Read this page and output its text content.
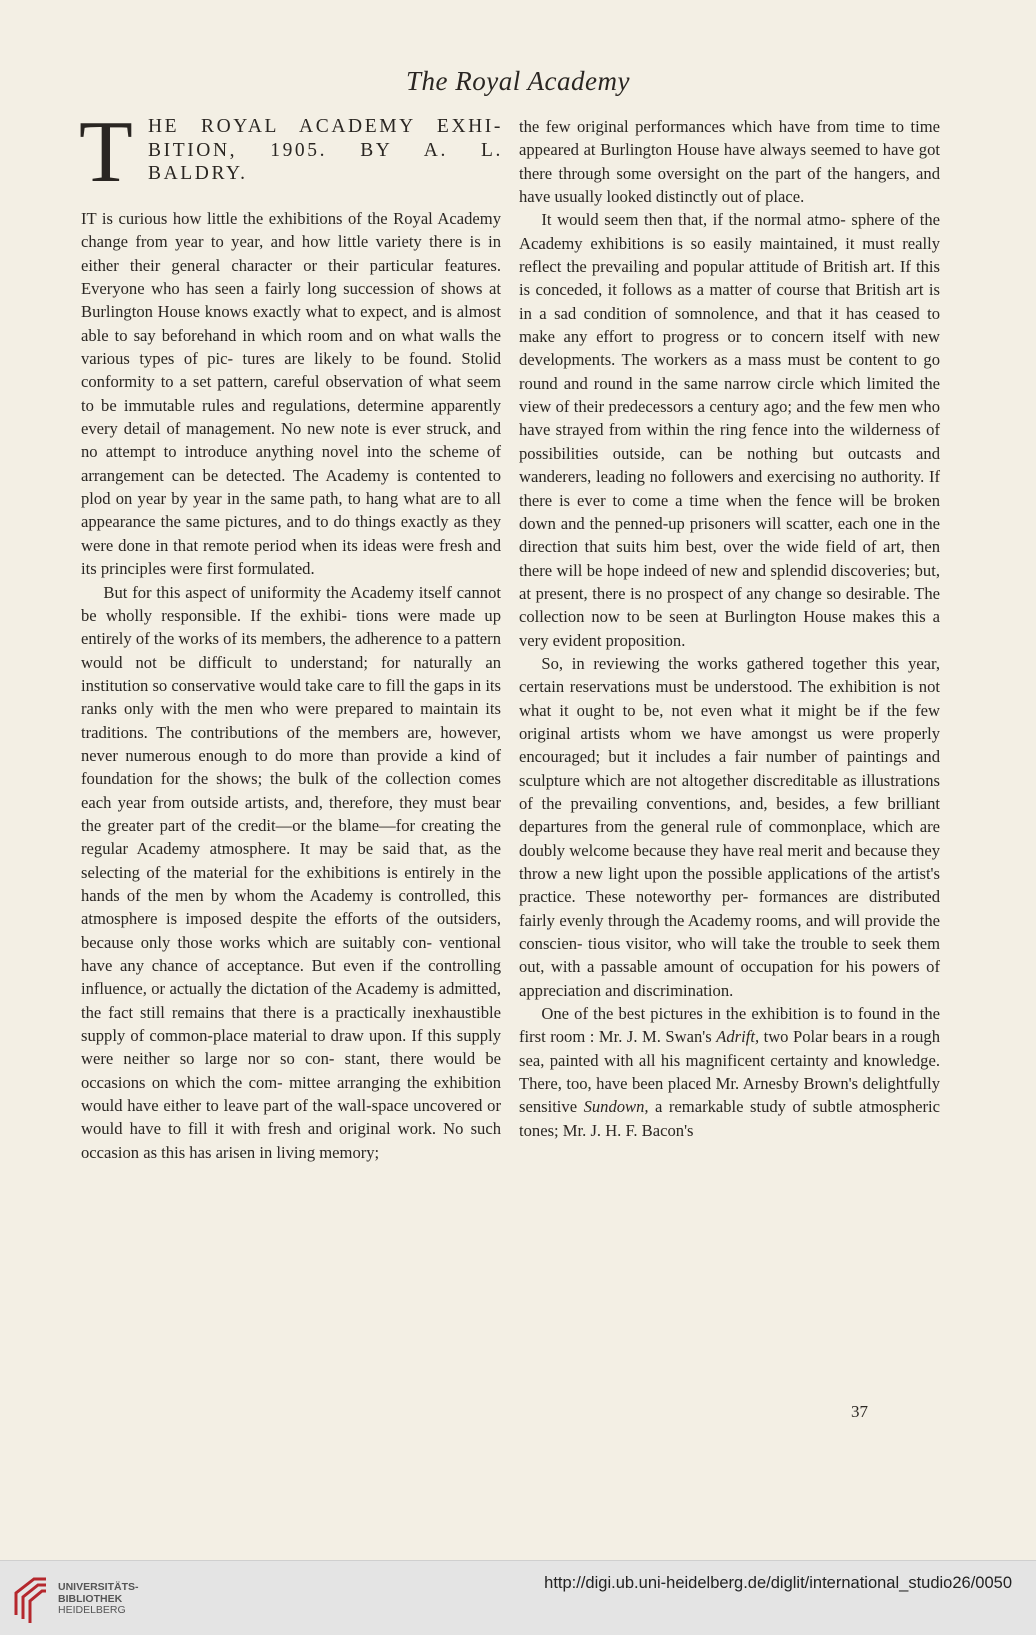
The Royal Academy
T HE ROYAL ACADEMY EXHI-
BITION, 1905. BY A. L.
BALDRY.

IT is curious how little the exhibitions of the Royal Academy change from year to year, and how little variety there is in either their general character or their particular features. Everyone who has seen a fairly long succession of shows at Burlington House knows exactly what to expect, and is almost able to say beforehand in which room and on what walls the various types of pic- tures are likely to be found. Stolid conformity to a set pattern, careful observation of what seem to be immutable rules and regulations, determine apparently every detail of management. No new note is ever struck, and no attempt to introduce anything novel into the scheme of arrangement can be detected. The Academy is contented to plod on year by year in the same path, to hang what are to all appearance the same pictures, and to do things exactly as they were done in that remote period when its ideas were fresh and its principles were first formulated.

But for this aspect of uniformity the Academy itself cannot be wholly responsible. If the exhibi- tions were made up entirely of the works of its members, the adherence to a pattern would not be difficult to understand; for naturally an institution so conservative would take care to fill the gaps in its ranks only with the men who were prepared to maintain its traditions. The contributions of the members are, however, never numerous enough to do more than provide a kind of foundation for the shows; the bulk of the collection comes each year from outside artists, and, therefore, they must bear the greater part of the credit—or the blame—for creating the regular Academy atmosphere. It may be said that, as the selecting of the material for the exhibitions is entirely in the hands of the men by whom the Academy is controlled, this atmosphere is imposed despite the efforts of the outsiders, because only those works which are suitably con- ventional have any chance of acceptance. But even if the controlling influence, or actually the dictation of the Academy is admitted, the fact still remains that there is a practically inexhaustible supply of common-place material to draw upon. If this supply were neither so large nor so con- stant, there would be occasions on which the com- mittee arranging the exhibition would have either to leave part of the wall-space uncovered or would have to fill it with fresh and original work. No such occasion as this has arisen in living memory;

the few original performances which have from time to time appeared at Burlington House have always seemed to have got there through some oversight on the part of the hangers, and have usually looked distinctly out of place.

It would seem then that, if the normal atmo- sphere of the Academy exhibitions is so easily maintained, it must really reflect the prevailing and popular attitude of British art. If this is conceded, it follows as a matter of course that British art is in a sad condition of somnolence, and that it has ceased to make any effort to progress or to concern itself with new developments. The workers as a mass must be content to go round and round in the same narrow circle which limited the view of their predecessors a century ago; and the few men who have strayed from within the ring fence into the wilderness of possibilities outside, can be nothing but outcasts and wanderers, leading no followers and exercising no authority. If there is ever to come a time when the fence will be broken down and the penned-up prisoners will scatter, each one in the direction that suits him best, over the wide field of art, then there will be hope indeed of new and splendid discoveries; but, at present, there is no prospect of any change so desirable. The collection now to be seen at Burlington House makes this a very evident proposition.

So, in reviewing the works gathered together this year, certain reservations must be understood. The exhibition is not what it ought to be, not even what it might be if the few original artists whom we have amongst us were properly encouraged; but it includes a fair number of paintings and sculpture which are not altogether discreditable as illustrations of the prevailing conventions, and, besides, a few brilliant departures from the general rule of commonplace, which are doubly welcome because they have real merit and because they throw a new light upon the possible applications of the artist's practice. These noteworthy per- formances are distributed fairly evenly through the Academy rooms, and will provide the conscien- tious visitor, who will take the trouble to seek them out, with a passable amount of occupation for his powers of appreciation and discrimination.

One of the best pictures in the exhibition is to found in the first room : Mr. J. M. Swan's Adrift, two Polar bears in a rough sea, painted with all his magnificent certainty and knowledge. There, too, have been placed Mr. Arnesby Brown's delightfully sensitive Sundown, a remarkable study of subtle atmospheric tones; Mr. J. H. F. Bacon's

37
UNIVERSITÄTS-
BIBLIOTHEK
HEIDELBERG
http://digi.ub.uni-heidelberg.de/diglit/international_studio26/0050
